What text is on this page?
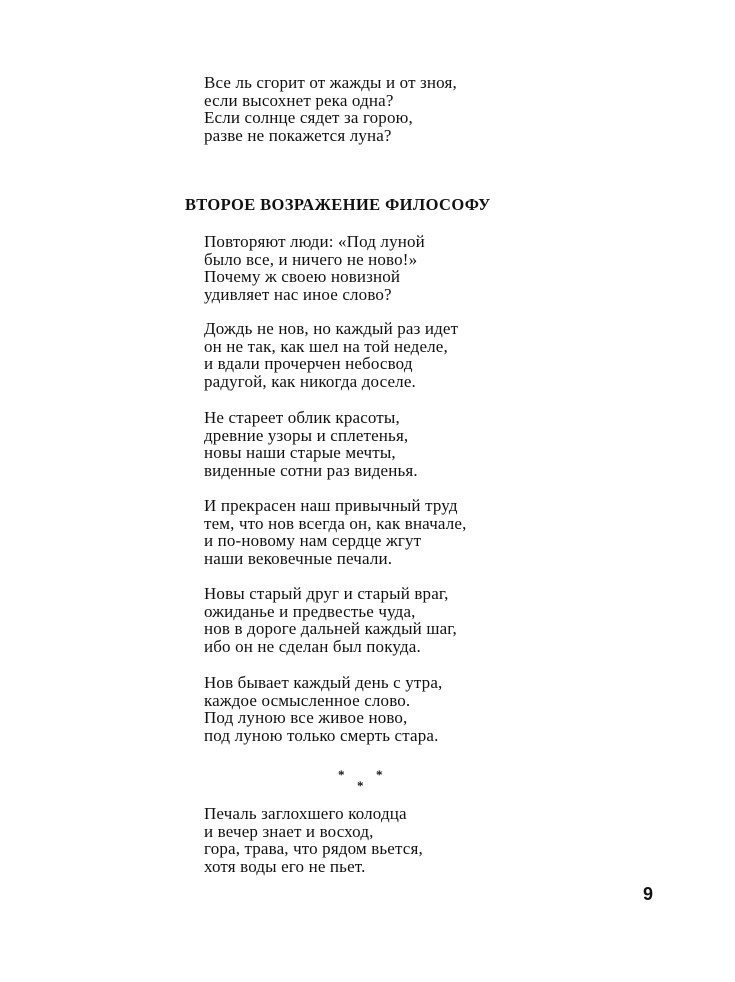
Все ль сгорит от жажды и от зноя,
если высохнет река одна?
Если солнце сядет за горою,
разве не покажется луна?
ВТОРОЕ ВОЗРАЖЕНИЕ ФИЛОСОФУ
Повторяют люди: «Под луной
было все, и ничего не ново!»
Почему ж своею новизной
удивляет нас иное слово?
Дождь не нов, но каждый раз идет
он не так, как шел на той неделе,
и вдали прочерчен небосвод
радугой, как никогда доселе.
Не стареет облик красоты,
древние узоры и сплетенья,
новы наши старые мечты,
виденные сотни раз виденья.
И прекрасен наш привычный труд
тем, что нов всегда он, как вначале,
и по-новому нам сердце жгут
наши вековечные печали.
Новы старый друг и старый враг,
ожиданье и предвестье чуда,
нов в дороге дальней каждый шаг,
ибо он не сделан был покуда.
Нов бывает каждый день с утра,
каждое осмысленное слово.
Под луною все живое ново,
под луною только смерть стара.
*
*
*
Печаль заглохшего колодца
и вечер знает и восход,
гора, трава, что рядом вьется,
хотя воды его не пьет.
9
